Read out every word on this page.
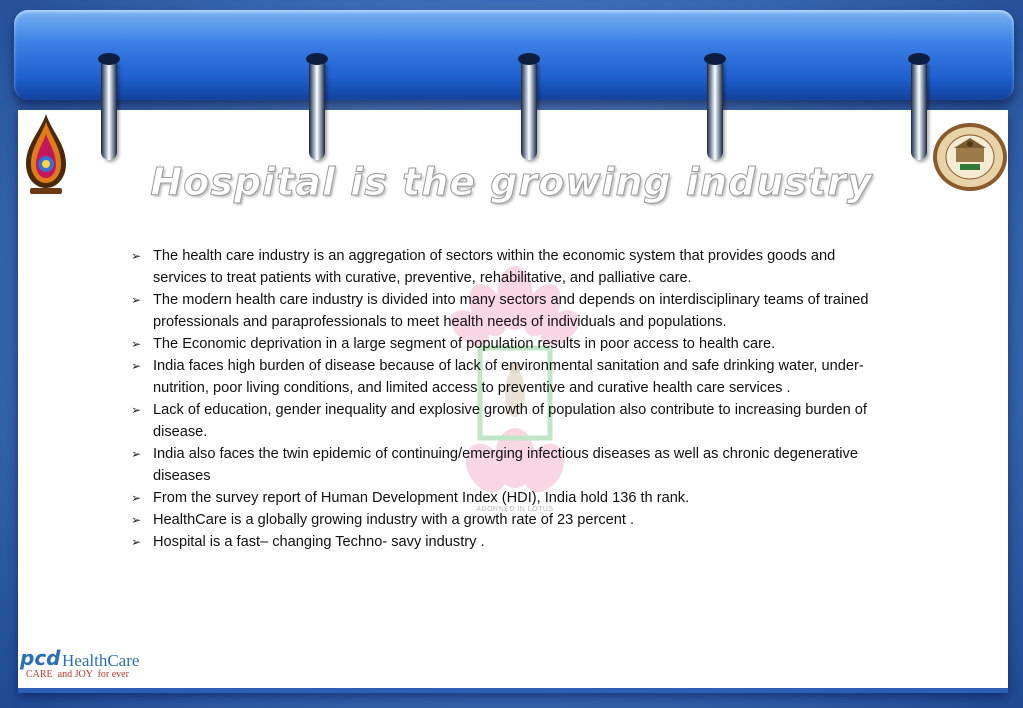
ADORNED IN LOTUS
Hospital is the growing industry
➢ The health care industry is an aggregation of sectors within the economic system that provides goods and services to treat patients with curative, preventive, rehabilitative, and palliative care.
➢ The modern health care industry is divided into many sectors and depends on interdisciplinary teams of trained professionals and paraprofessionals to meet health needs of individuals and populations.
➢ The Economic deprivation in a large segment of population results in poor access to health care.
➢ India faces high burden of disease because of lack of environmental sanitation and safe drinking water, under- nutrition, poor living conditions, and limited access to preventive and curative health care services .
➢ Lack of education, gender inequality and explosive growth of population also contribute to increasing burden of disease.
➢ India also faces the twin epidemic of continuing/emerging infectious diseases as well as chronic degenerative diseases
➢ From the survey report of Human Development Index (HDI), India hold 136 th rank.
➢ HealthCare is a globally growing industry with a growth rate of 23 percent .
➢ Hospital is a fast– changing Techno- savy industry .
pcd HealthCare
CARE  and JOY  for ever	17/78
